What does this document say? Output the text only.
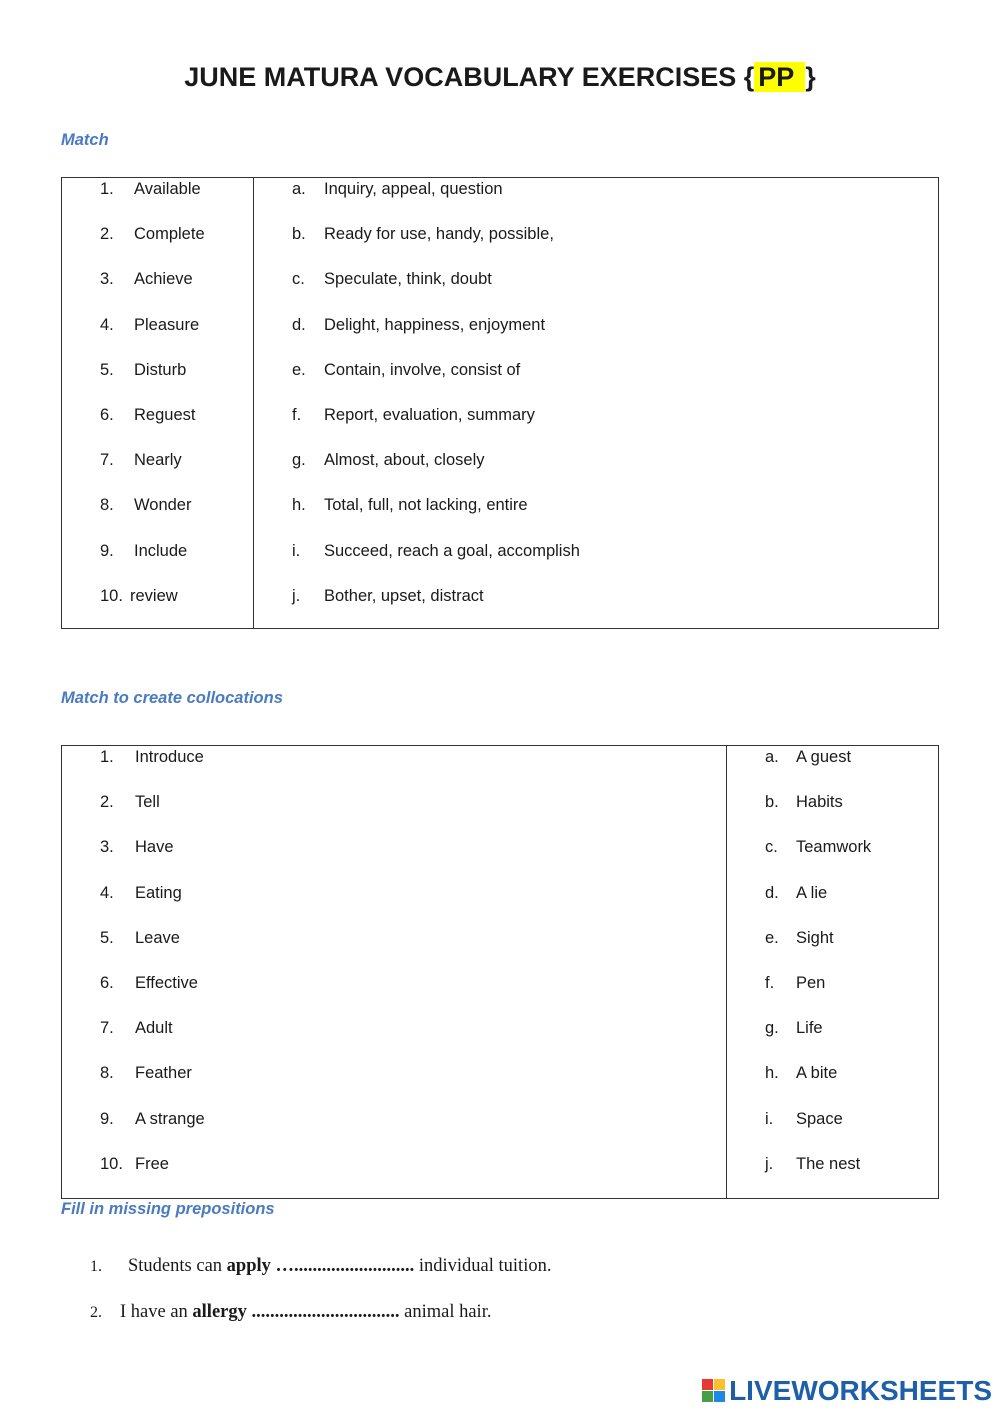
JUNE MATURA VOCABULARY EXERCISES { PP }
Match
1. Available
2. Complete
3. Achieve
4. Pleasure
5. Disturb
6. Reguest
7. Nearly
8. Wonder
9. Include
10. review
a. Inquiry, appeal, question
b. Ready for use, handy, possible,
c. Speculate, think, doubt
d. Delight, happiness, enjoyment
e. Contain, involve, consist of
f. Report, evaluation, summary
g. Almost, about, closely
h. Total, full, not lacking, entire
i. Succeed, reach a goal, accomplish
j. Bother, upset, distract
Match to create collocations
1. Introduce
2. Tell
3. Have
4. Eating
5. Leave
6. Effective
7. Adult
8. Feather
9. A strange
10. Free
a. A guest
b. Habits
c. Teamwork
d. A lie
e. Sight
f. Pen
g. Life
h. A bite
i. Space
j. The nest
Fill in missing prepositions
1. Students can apply ….......................... individual tuition.
2. I have an allergy ................................ animal hair.
LIVEWORKSHEETS
